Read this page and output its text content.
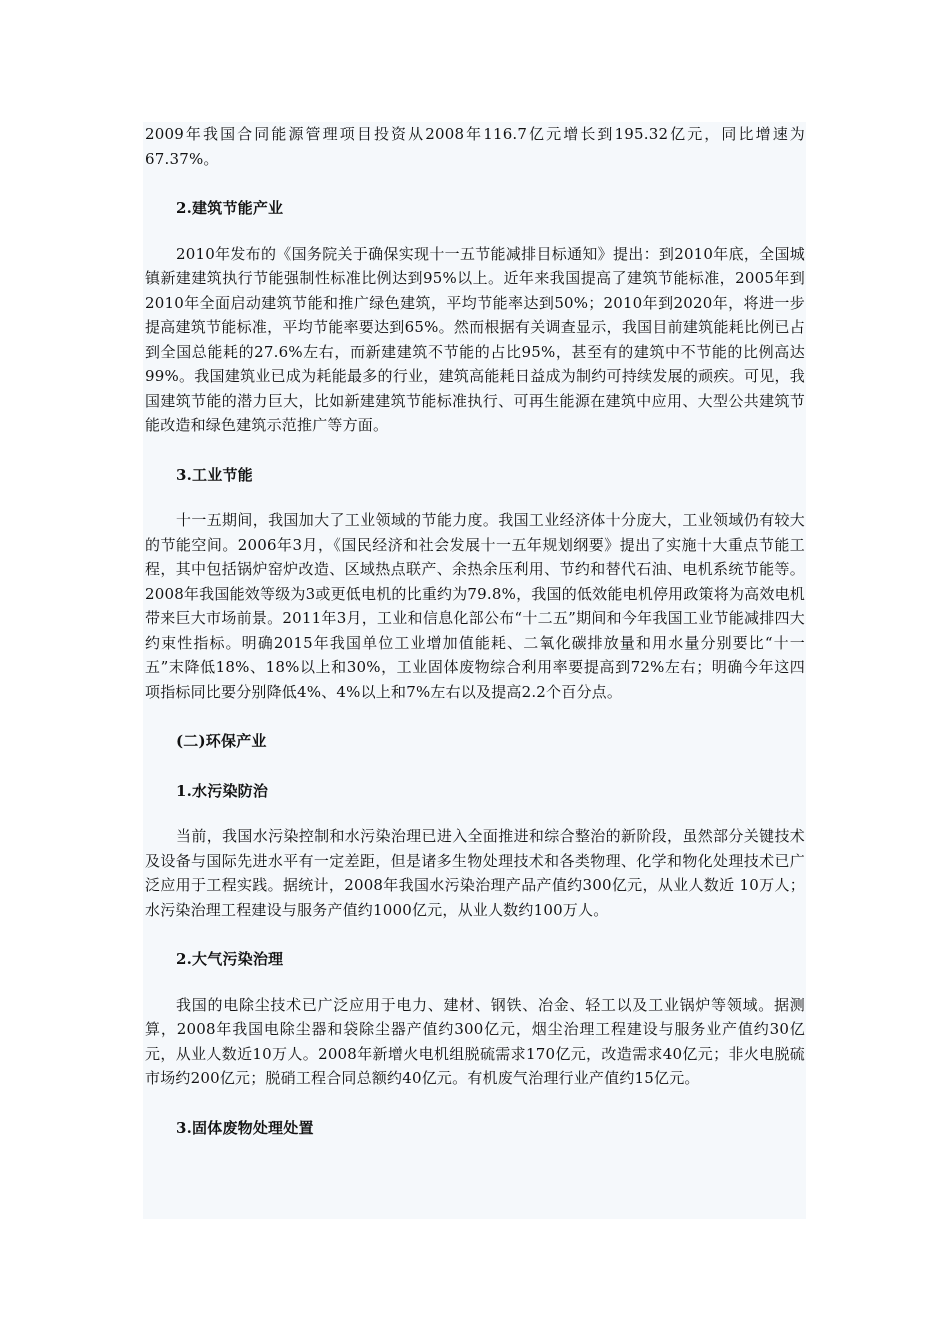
2009年我国合同能源管理项目投资从2008年116.7亿元增长到195.32亿元，同比增速为67.37%。

2.建筑节能产业

2010年发布的《国务院关于确保实现十一五节能减排目标通知》提出：到2010年底，全国城镇新建建筑执行节能强制性标准比例达到95%以上。近年来我国提高了建筑节能标准，2005年到2010年全面启动建筑节能和推广绿色建筑，平均节能率达到50%；2010年到2020年，将进一步提高建筑节能标准，平均节能率要达到65%。然而根据有关调查显示，我国目前建筑能耗比例已占到全国总能耗的27.6%左右，而新建建筑不节能的占比95%，甚至有的建筑中不节能的比例高达99%。我国建筑业已成为耗能最多的行业，建筑高能耗日益成为制约可持续发展的顽疾。可见，我国建筑节能的潜力巨大，比如新建建筑节能标准执行、可再生能源在建筑中应用、大型公共建筑节能改造和绿色建筑示范推广等方面。

3.工业节能

十一五期间，我国加大了工业领域的节能力度。我国工业经济体十分庞大，工业领域仍有较大的节能空间。2006年3月，《国民经济和社会发展十一五年规划纲要》提出了实施十大重点节能工程，其中包括锅炉窑炉改造、区域热点联产、余热余压利用、节约和替代石油、电机系统节能等。2008年我国能效等级为3或更低电机的比重约为79.8%，我国的低效能电机停用政策将为高效电机带来巨大市场前景。2011年3月，工业和信息化部公布“十二五”期间和今年我国工业节能减排四大约束性指标。明确2015年我国单位工业增加值能耗、二氧化碳排放量和用水量分别要比“十一五”末降低18%、18%以上和30%，工业固体废物综合利用率要提高到72%左右；明确今年这四项指标同比要分别降低4%、4%以上和7%左右以及提高2.2个百分点。

(二)环保产业

1.水污染防治

当前，我国水污染控制和水污染治理已进入全面推进和综合整治的新阶段，虽然部分关键技术及设备与国际先进水平有一定差距，但是诸多生物处理技术和各类物理、化学和物化处理技术已广泛应用于工程实践。据统计，2008年我国水污染治理产品产值约300亿元，从业人数近 10万人；水污染治理工程建设与服务产值约1000亿元，从业人数约100万人。

2.大气污染治理

我国的电除尘技术已广泛应用于电力、建材、钢铁、冶金、轻工以及工业锅炉等领域。据测算，2008年我国电除尘器和袋除尘器产值约300亿元，烟尘治理工程建设与服务业产值约30亿元，从业人数近10万人。2008年新增火电机组脱硫需求170亿元，改造需求40亿元；非火电脱硫市场约200亿元；脱硝工程合同总额约40亿元。有机废气治理行业产值约15亿元。

3.固体废物处理处置
